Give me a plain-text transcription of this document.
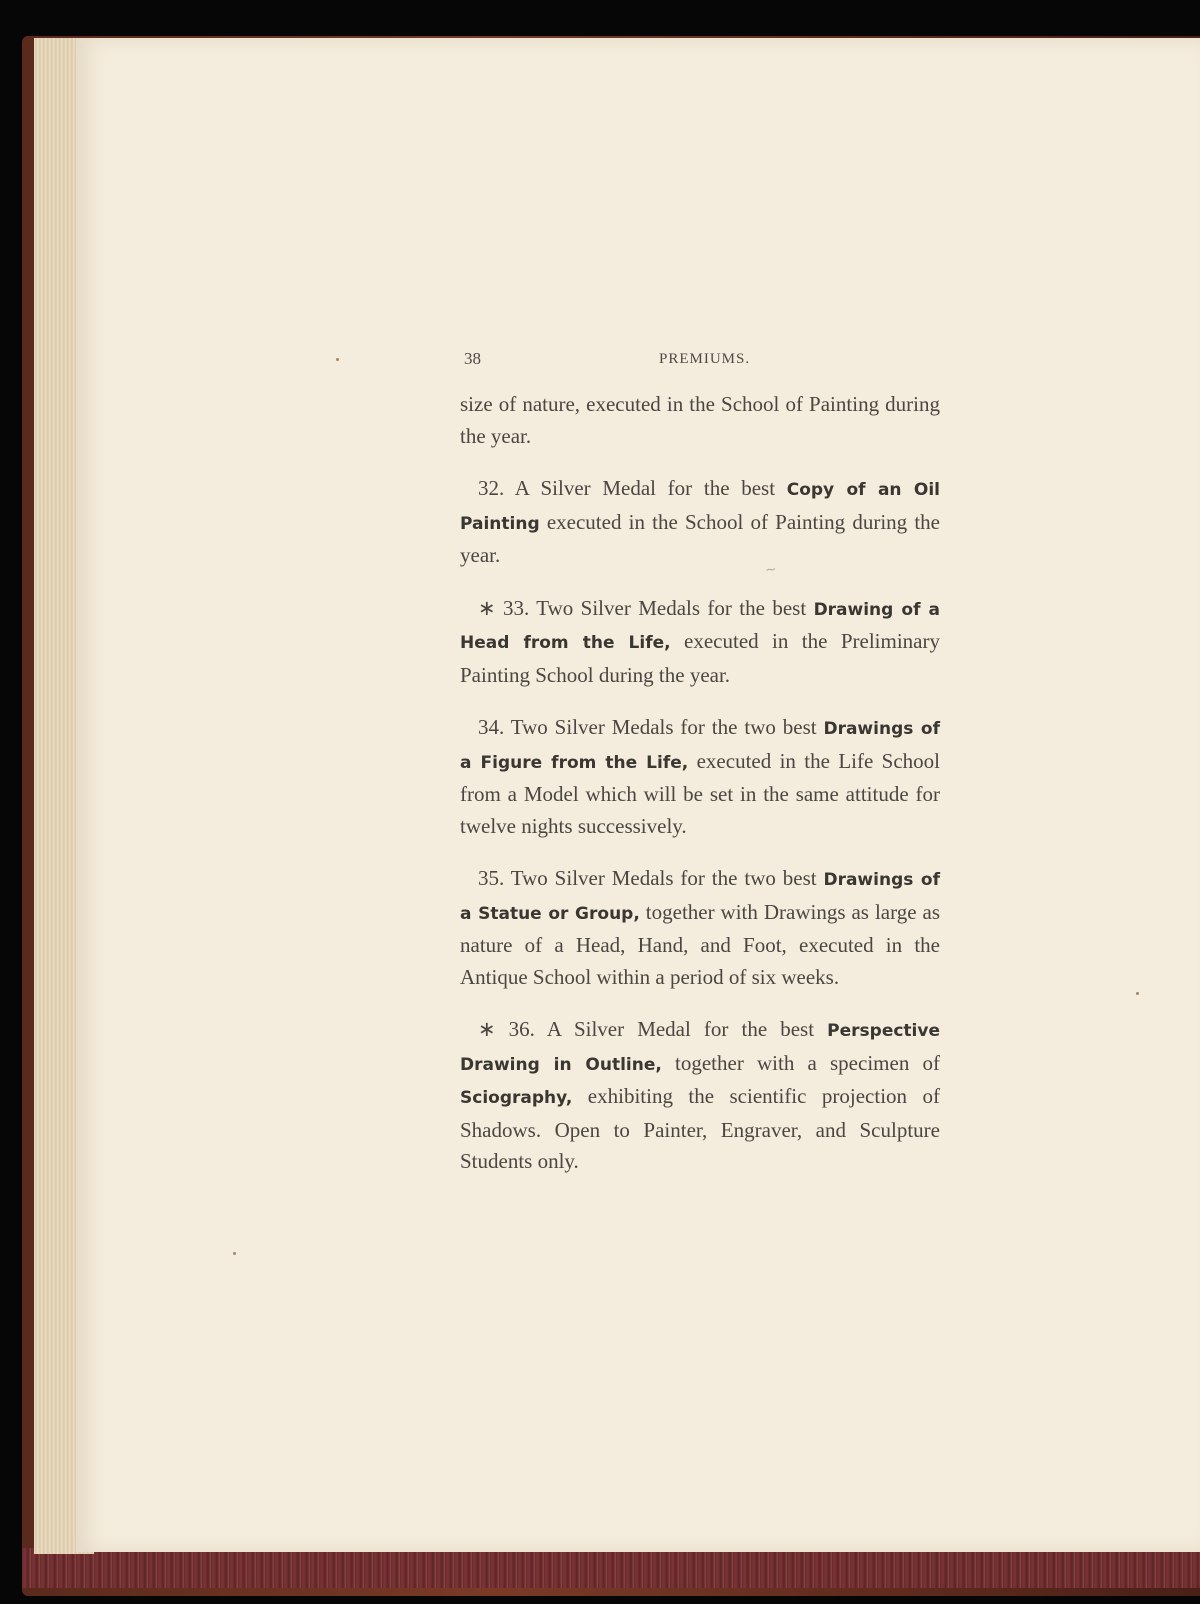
38	PREMIUMS.
~

size of nature, executed in the School of Painting during the year.

32. A Silver Medal for the best Copy of an Oil Painting executed in the School of Painting during the year.

∗ 33. Two Silver Medals for the best Drawing of a Head from the Life, executed in the Preliminary Painting School during the year.

34. Two Silver Medals for the two best Drawings of a Figure from the Life, executed in the Life School from a Model which will be set in the same attitude for twelve nights successively.

35. Two Silver Medals for the two best Drawings of a Statue or Group, together with Drawings as large as nature of a Head, Hand, and Foot, executed in the Antique School within a period of six weeks.

∗ 36. A Silver Medal for the best Perspective Drawing in Outline, together with a specimen of Sciography, exhibiting the scientific projection of Shadows. Open to Painter, Engraver, and Sculpture Students only.
